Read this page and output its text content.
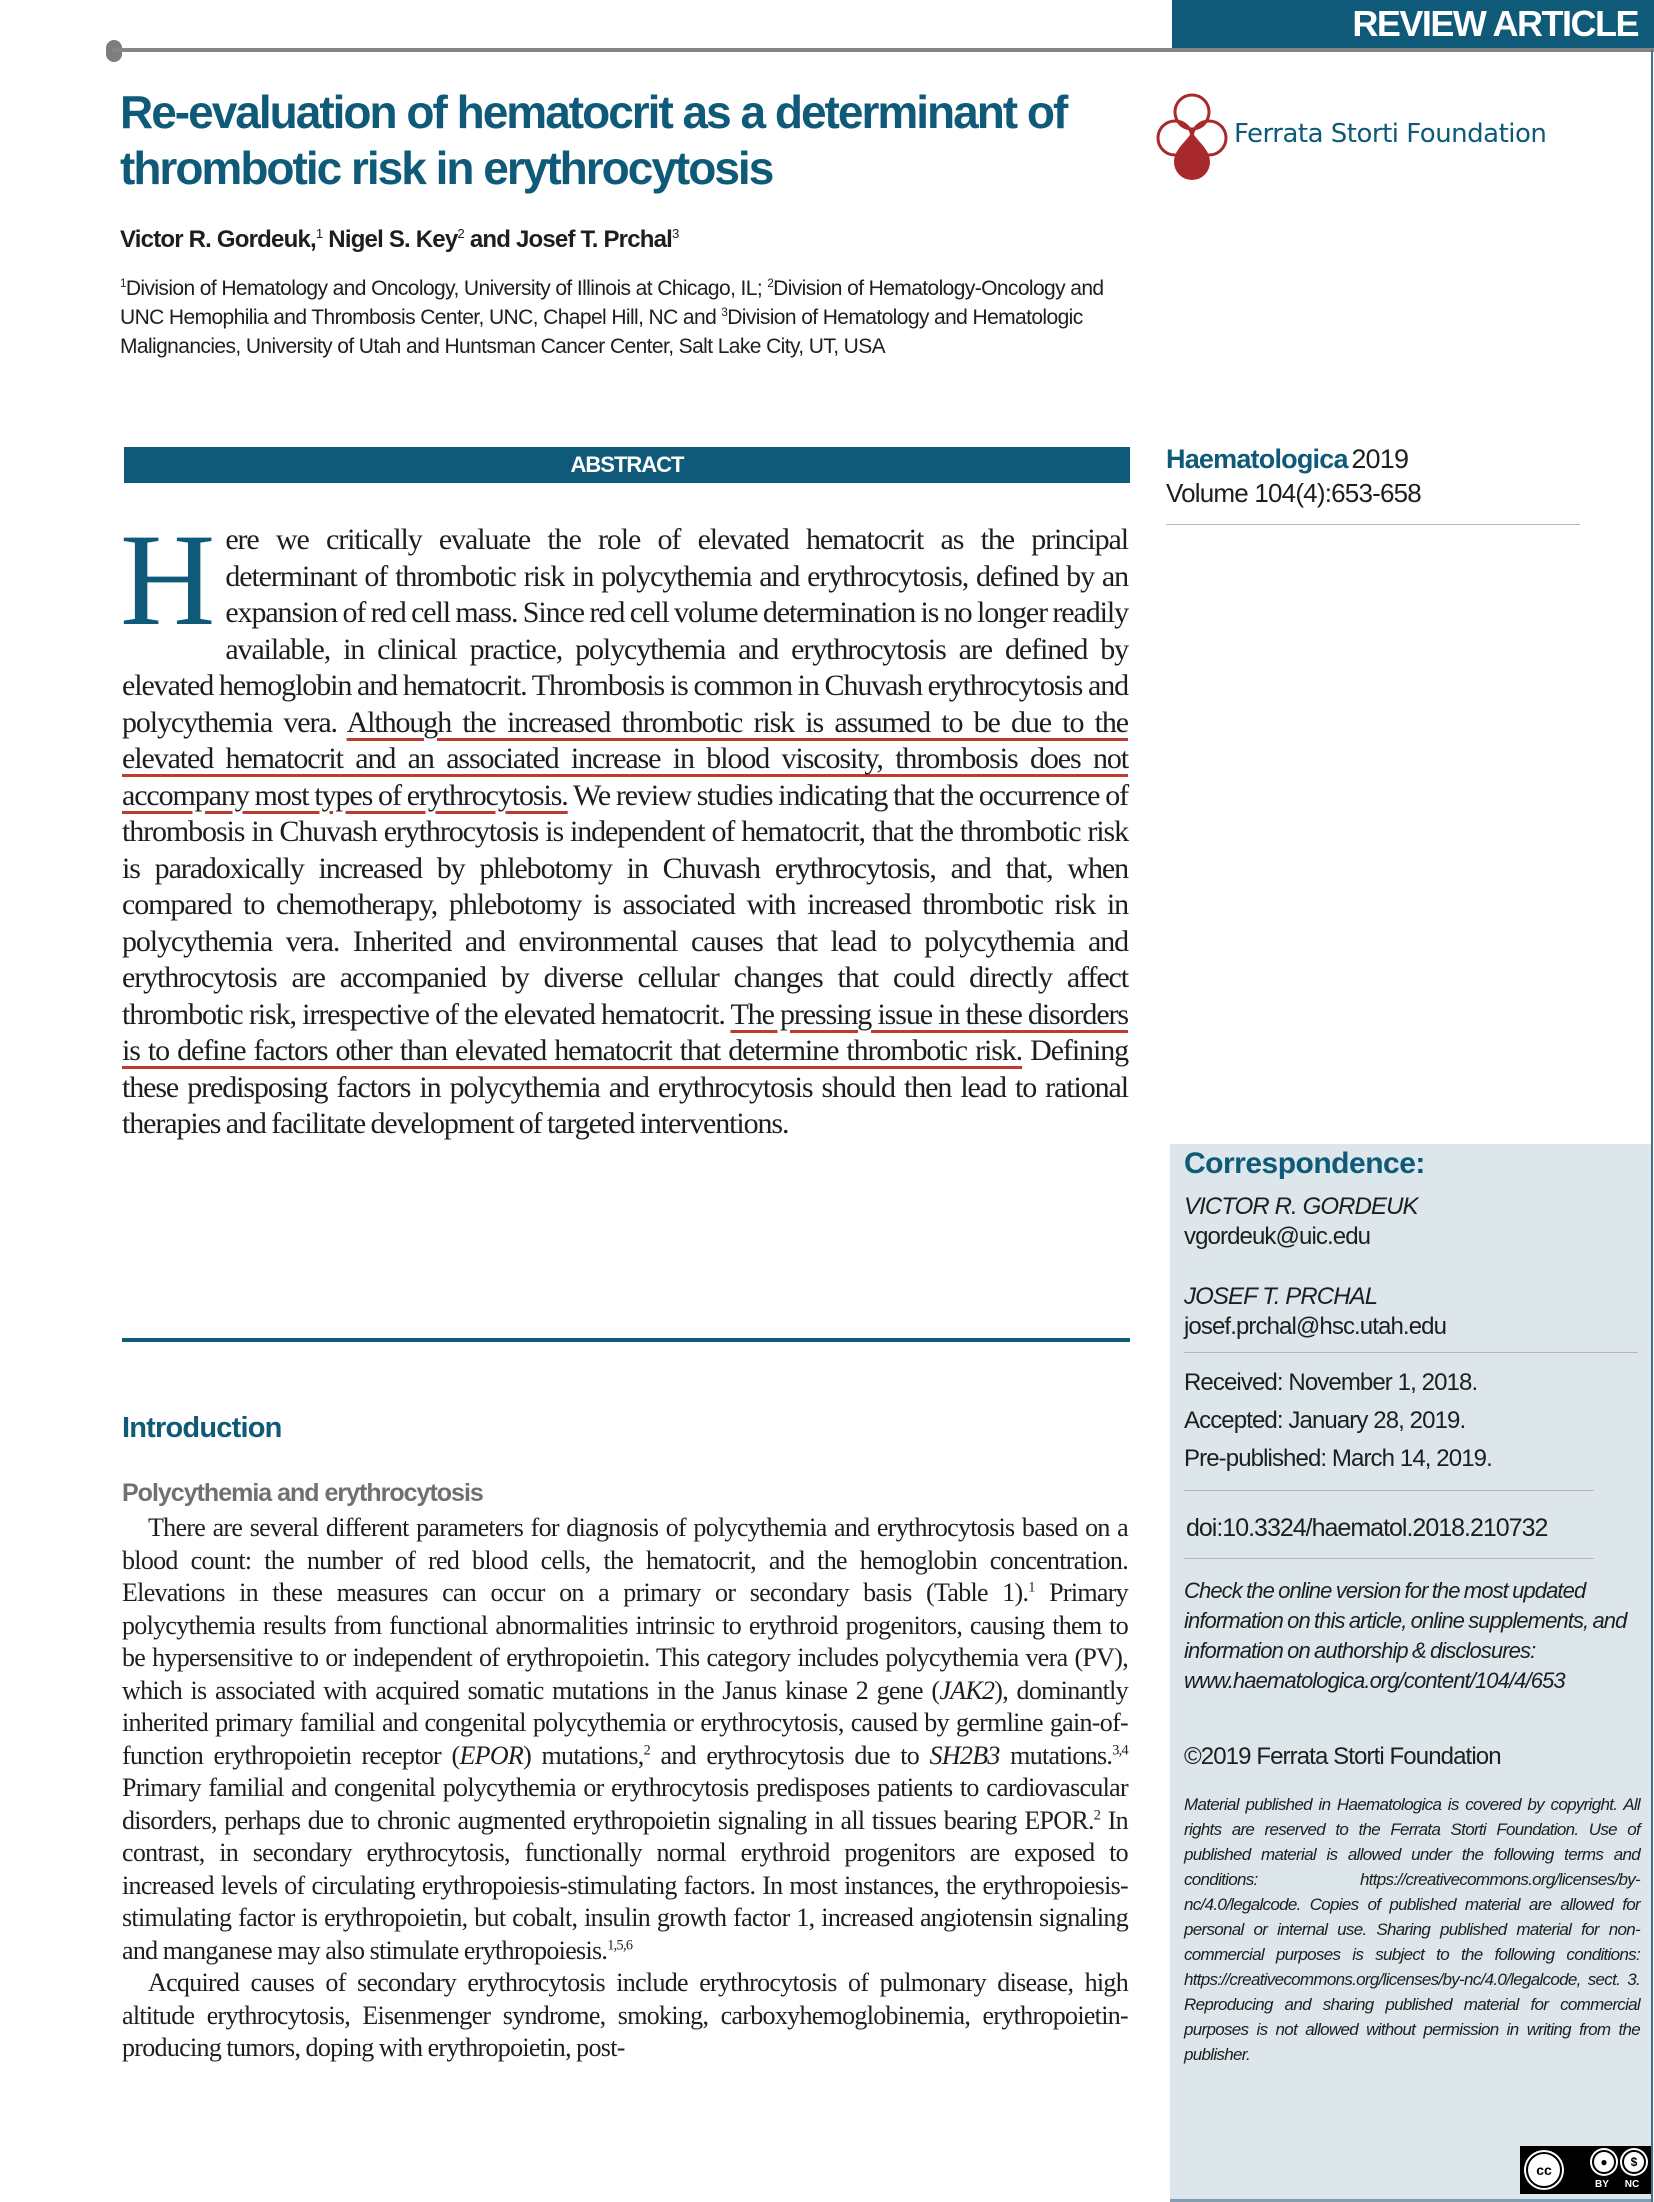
REVIEW ARTICLE
Re-evaluation of hematocrit as a determinant of thrombotic risk in erythrocytosis
Ferrata Storti Foundation
Victor R. Gordeuk,$^1$ Nigel S. Key$^2$ and Josef T. Prchal$^3$
$^1$Division of Hematology and Oncology, University of Illinois at Chicago, IL; $^2$Division of Hematology-Oncology and UNC Hemophilia and Thrombosis Center, UNC, Chapel Hill, NC and $^3$Division of Hematology and Hematologic Malignancies, University of Utah and Huntsman Cancer Center, Salt Lake City, UT, USA
Haematologica 2019
Volume 104(4):653-658
ABSTRACT
Here we critically evaluate the role of elevated hematocrit as the principal determinant of thrombotic risk in polycythemia and erythrocytosis, defined by an expansion of red cell mass. Since red cell volume determination is no longer readily available, in clinical practice, polycythemia and erythrocytosis are defined by elevated hemoglobin and hematocrit. Thrombosis is common in Chuvash erythrocytosis and polycythemia vera. Although the increased thrombotic risk is assumed to be due to the elevated hematocrit and an associated increase in blood viscosity, thrombosis does not accompany most types of erythrocytosis. We review studies indicating that the occurrence of thrombosis in Chuvash erythrocytosis is independent of hematocrit, that the thrombotic risk is paradoxically increased by phlebotomy in Chuvash erythrocytosis, and that, when compared to chemotherapy, phlebotomy is associated with increased thrombotic risk in polycythemia vera. Inherited and environmental causes that lead to polycythemia and erythrocytosis are accompanied by diverse cellular changes that could directly affect thrombotic risk, irrespective of the elevated hematocrit. The pressing issue in these disorders is to define factors other than elevated hematocrit that determine thrombotic risk. Defining these predisposing factors in polycythemia and erythrocytosis should then lead to rational therapies and facilitate development of targeted interventions.
Introduction
Polycythemia and erythrocytosis

There are several different parameters for diagnosis of polycythemia and erythrocytosis based on a blood count: the number of red blood cells, the hematocrit, and the hemoglobin concentration. Elevations in these measures can occur on a primary or secondary basis (Table 1).$^1$ Primary polycythemia results from functional abnormalities intrinsic to erythroid progenitors, causing them to be hypersensitive to or independent of erythropoietin. This category includes polycythemia vera (PV), which is associated with acquired somatic mutations in the Janus kinase 2 gene (JAK2), dominantly inherited primary familial and congenital polycythemia or erythrocytosis, caused by germline gain-of-function erythropoietin receptor (EPOR) mutations,$^2$ and erythrocytosis due to SH2B3 mutations.$^{3,4}$ Primary familial and congenital polycythemia or erythrocytosis predisposes patients to cardiovascular disorders, perhaps due to chronic augmented erythropoietin signaling in all tissues bearing EPOR.$^2$ In contrast, in secondary erythrocytosis, functionally normal erythroid progenitors are exposed to increased levels of circulating erythropoiesis-stimulating factors. In most instances, the erythropoiesis-stimulating factor is erythropoietin, but cobalt, insulin growth factor 1, increased angiotensin signaling and manganese may also stimulate erythropoiesis.$^{1,5,6}$

Acquired causes of secondary erythrocytosis include erythrocytosis of pulmonary disease, high altitude erythrocytosis, Eisenmenger syndrome, smoking, carboxyhemoglobinemia, erythropoietin-producing tumors, doping with erythropoietin, post-

Correspondence:
VICTOR R. GORDEUK
vgordeuk@uic.edu
JOSEF T. PRCHAL
josef.prchal@hsc.utah.edu
Received: November 1, 2018.
Accepted: January 28, 2019.
Pre-published: March 14, 2019.
doi:10.3324/haematol.2018.210732
Check the online version for the most updated information on this article, online supplements, and information on authorship & disclosures: www.haematologica.org/content/104/4/653
©2019 Ferrata Storti Foundation
Material published in Haematologica is covered by copyright. All rights are reserved to the Ferrata Storti Foundation. Use of published material is allowed under the following terms and conditions: https://creativecommons.org/licenses/by-nc/4.0/legalcode. Copies of published material are allowed for personal or internal use. Sharing published material for non-commercial purposes is subject to the following conditions: https://creativecommons.org/licenses/by-nc/4.0/legalcode, sect. 3. Reproducing and sharing published material for commercial purposes is not allowed without permission in writing from the publisher.
cc	●	$
BY	NC
